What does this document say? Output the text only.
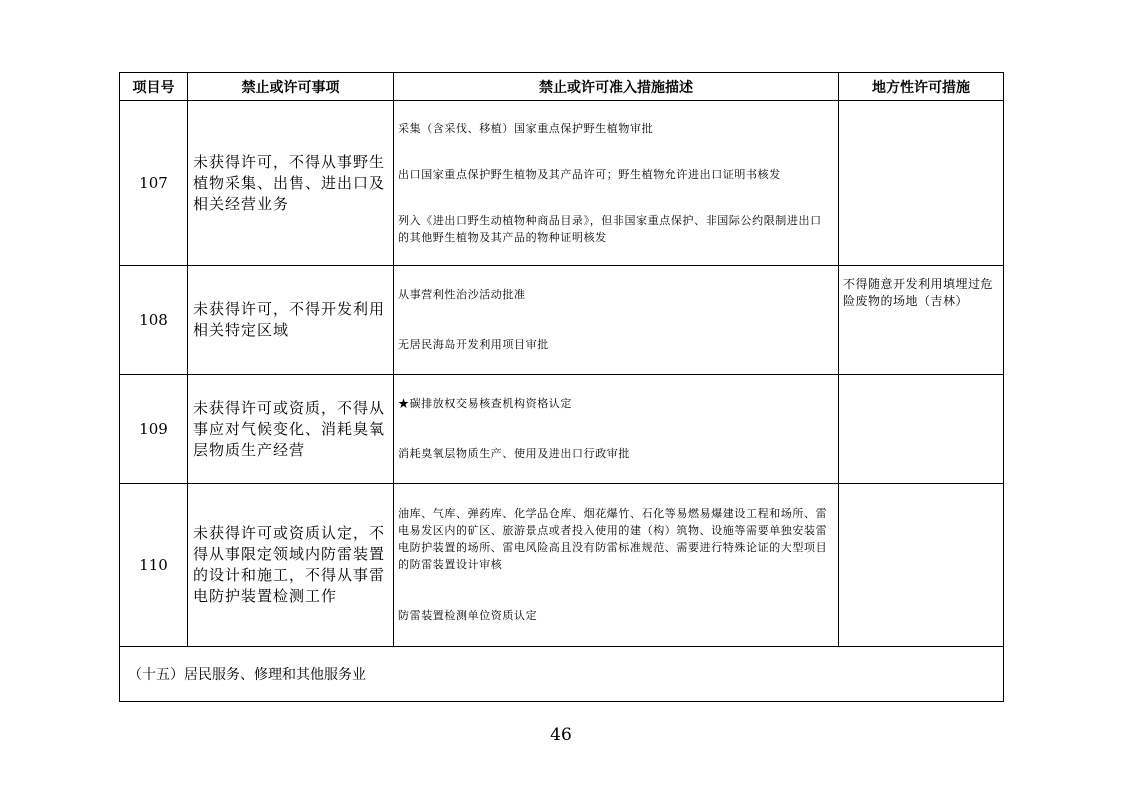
项目号	禁止或许可事项	禁止或许可准入措施描述	地方性许可措施
107	未获得许可，不得从事野生植物采集、出售、进出口及相关经营业务	采集（含采伐、移植）国家重点保护野生植物审批
出口国家重点保护野生植物及其产品许可；野生植物允许进出口证明书核发
列入《进出口野生动植物种商品目录》，但非国家重点保护、非国际公约限制进出口的其他野生植物及其产品的物种证明核发	

108	未获得许可，不得开发利用相关特定区域	从事营利性治沙活动批准
无居民海岛开发利用项目审批	不得随意开发利用填埋过危险废物的场地（吉林）
109	未获得许可或资质，不得从事应对气候变化、消耗臭氧层物质生产经营	★碳排放权交易核查机构资格认定
消耗臭氧层物质生产、使用及进出口行政审批	

110	未获得许可或资质认定，不得从事限定领域内防雷装置的设计和施工，不得从事雷电防护装置检测工作	油库、气库、弹药库、化学品仓库、烟花爆竹、石化等易燃易爆建设工程和场所、雷电易发区内的矿区、旅游景点或者投入使用的建（构）筑物、设施等需要单独安装雷电防护装置的场所、雷电风险高且没有防雷标准规范、需要进行特殊论证的大型项目的防雷装置设计审核
防雷装置检测单位资质认定	

（十五）居民服务、修理和其他服务业			
46
